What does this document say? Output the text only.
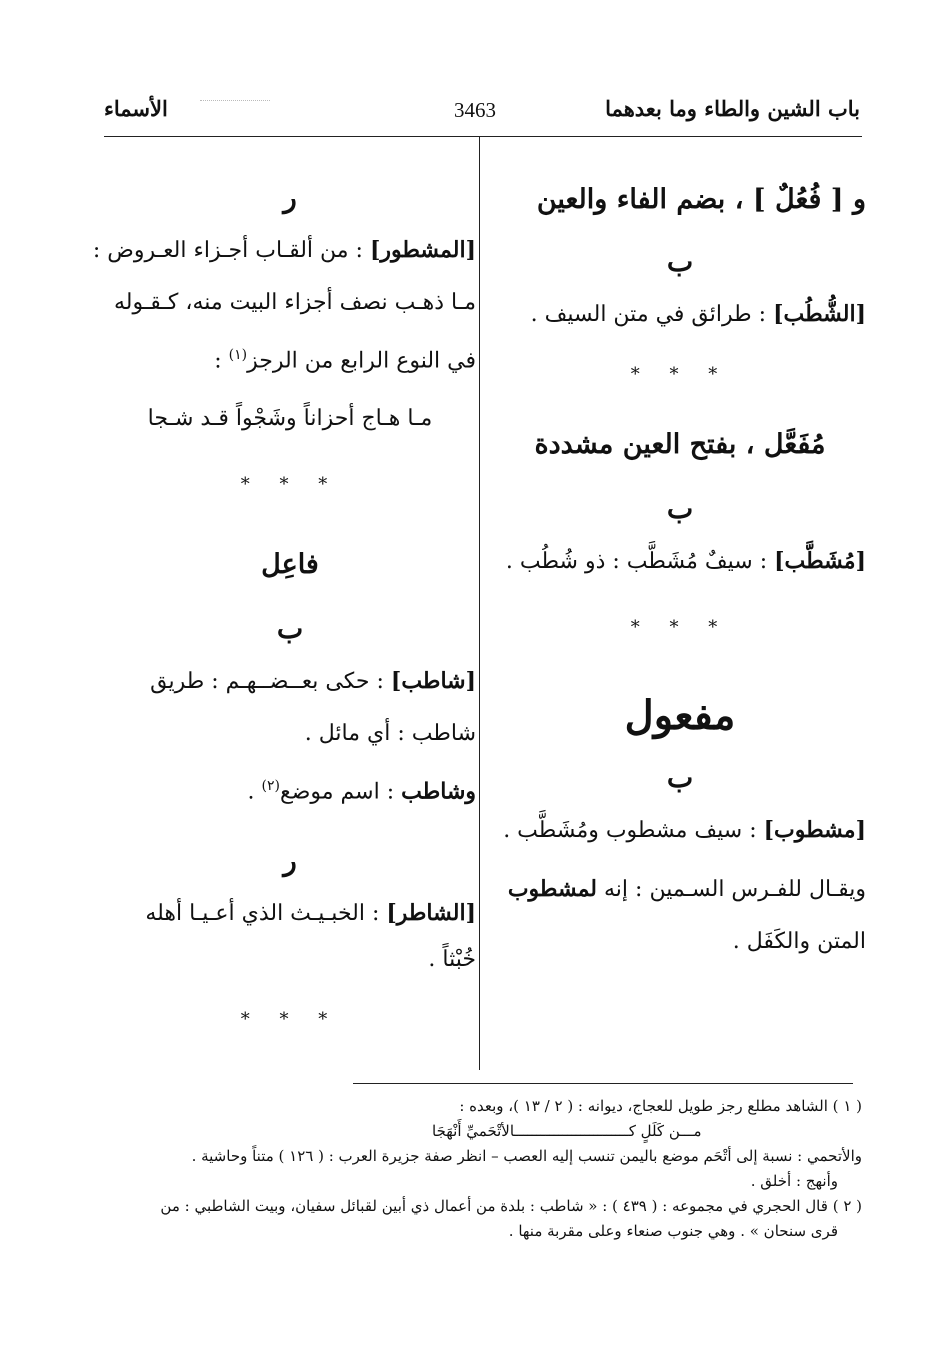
باب الشين والطاء وما بعدهما
3463
الأسماء
و [ فُعُلٌ ] ، بضم الفاء والعين
ب
[الشُّطُب] : طرائق في متن السيف .
* * *
مُفَعَّل ، بفتح العين مشددة
ب
[مُشَطَّب] : سيفٌ مُشَطَّب : ذو شُطُب .
* * *
مفعول
ب
[مشطوب] : سيف مشطوب ومُشَطَّب .
ويقـال للفـرس السـمين : إنه لمشطوب
المتن والكَفَل .
ر
[المشطور] : من ألقـاب أجـزاء العـروض :
مـا ذهـب نصف أجزاء البيت منه، كـقـوله
في النوع الرابع من الرجز$^{(١)}$ :
مـا هـاج أحزاناً وشَجْواً قـد شـجا
* * *
فاعِل
ب
[شاطب] : حكى بعــضــهـم : طريق
شاطب : أي مائل .
وشاطب : اسم موضع$^{(٢)}$ .
ر
[الشاطر] : الخبـيـث الذي أعـيـا أهله
خُبْثاً .
* * *

( ١ ) الشاهد مطلع رجز طويل للعجاج، ديوانه : ( ٢ / ١٣ )، وبعده :

مـــن كَلَلٍ كــــــــــــــــــــــــــالأتْحَميِّ أَنْهَجَا

والأتحمي : نسبة إلى أتْحَم موضع باليمن تنسب إليه العصب – انظر صفة جزيرة العرب : ( ١٢٦ ) متناً وحاشية .

وأنهج : أخلق .

( ٢ ) قال الحجري في مجموعه : ( ٤٣٩ ) : « شاطب : بلدة من أعمال ذي أبين لقبائل سفيان، وبيت الشاطبي : من

قرى سنحان » . وهي جنوب صنعاء وعلى مقربة منها .
